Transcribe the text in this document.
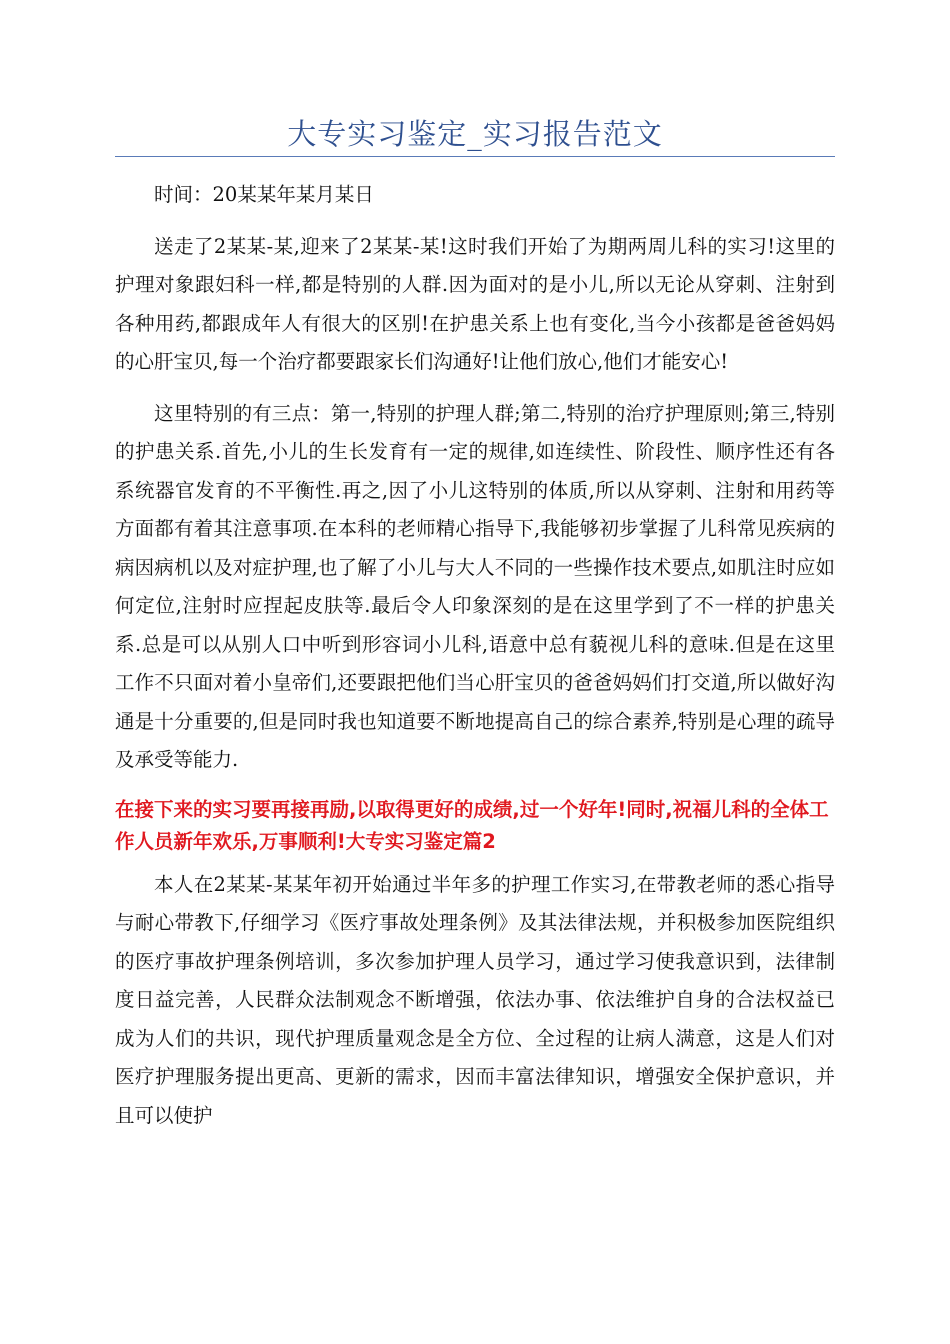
大专实习鉴定_实习报告范文

时间：20某某年某月某日

送走了2某某-某,迎来了2某某-某!这时我们开始了为期两周儿科的实习!这里的护理对象跟妇科一样,都是特别的人群.因为面对的是小儿,所以无论从穿刺、注射到各种用药,都跟成年人有很大的区别!在护患关系上也有变化,当今小孩都是爸爸妈妈的心肝宝贝,每一个治疗都要跟家长们沟通好!让他们放心,他们才能安心!

这里特别的有三点：第一,特别的护理人群;第二,特别的治疗护理原则;第三,特别的护患关系.首先,小儿的生长发育有一定的规律,如连续性、阶段性、顺序性还有各系统器官发育的不平衡性.再之,因了小儿这特别的体质,所以从穿刺、注射和用药等方面都有着其注意事项.在本科的老师精心指导下,我能够初步掌握了儿科常见疾病的病因病机以及对症护理,也了解了小儿与大人不同的一些操作技术要点,如肌注时应如何定位,注射时应捏起皮肤等.最后令人印象深刻的是在这里学到了不一样的护患关系.总是可以从别人口中听到形容词小儿科,语意中总有藐视儿科的意味.但是在这里工作不只面对着小皇帝们,还要跟把他们当心肝宝贝的爸爸妈妈们打交道,所以做好沟通是十分重要的,但是同时我也知道要不断地提高自己的综合素养,特别是心理的疏导及承受等能力.

在接下来的实习要再接再励,以取得更好的成绩,过一个好年!同时,祝福儿科的全体工作人员新年欢乐,万事顺利!大专实习鉴定篇2

本人在2某某-某某年初开始通过半年多的护理工作实习,在带教老师的悉心指导与耐心带教下,仔细学习《医疗事故处理条例》及其法律法规，并积极参加医院组织的医疗事故护理条例培训，多次参加护理人员学习，通过学习使我意识到，法律制度日益完善，人民群众法制观念不断增强，依法办事、依法维护自身的合法权益已成为人们的共识，现代护理质量观念是全方位、全过程的让病人满意，这是人们对医疗护理服务提出更高、更新的需求，因而丰富法律知识，增强安全保护意识，并且可以使护
